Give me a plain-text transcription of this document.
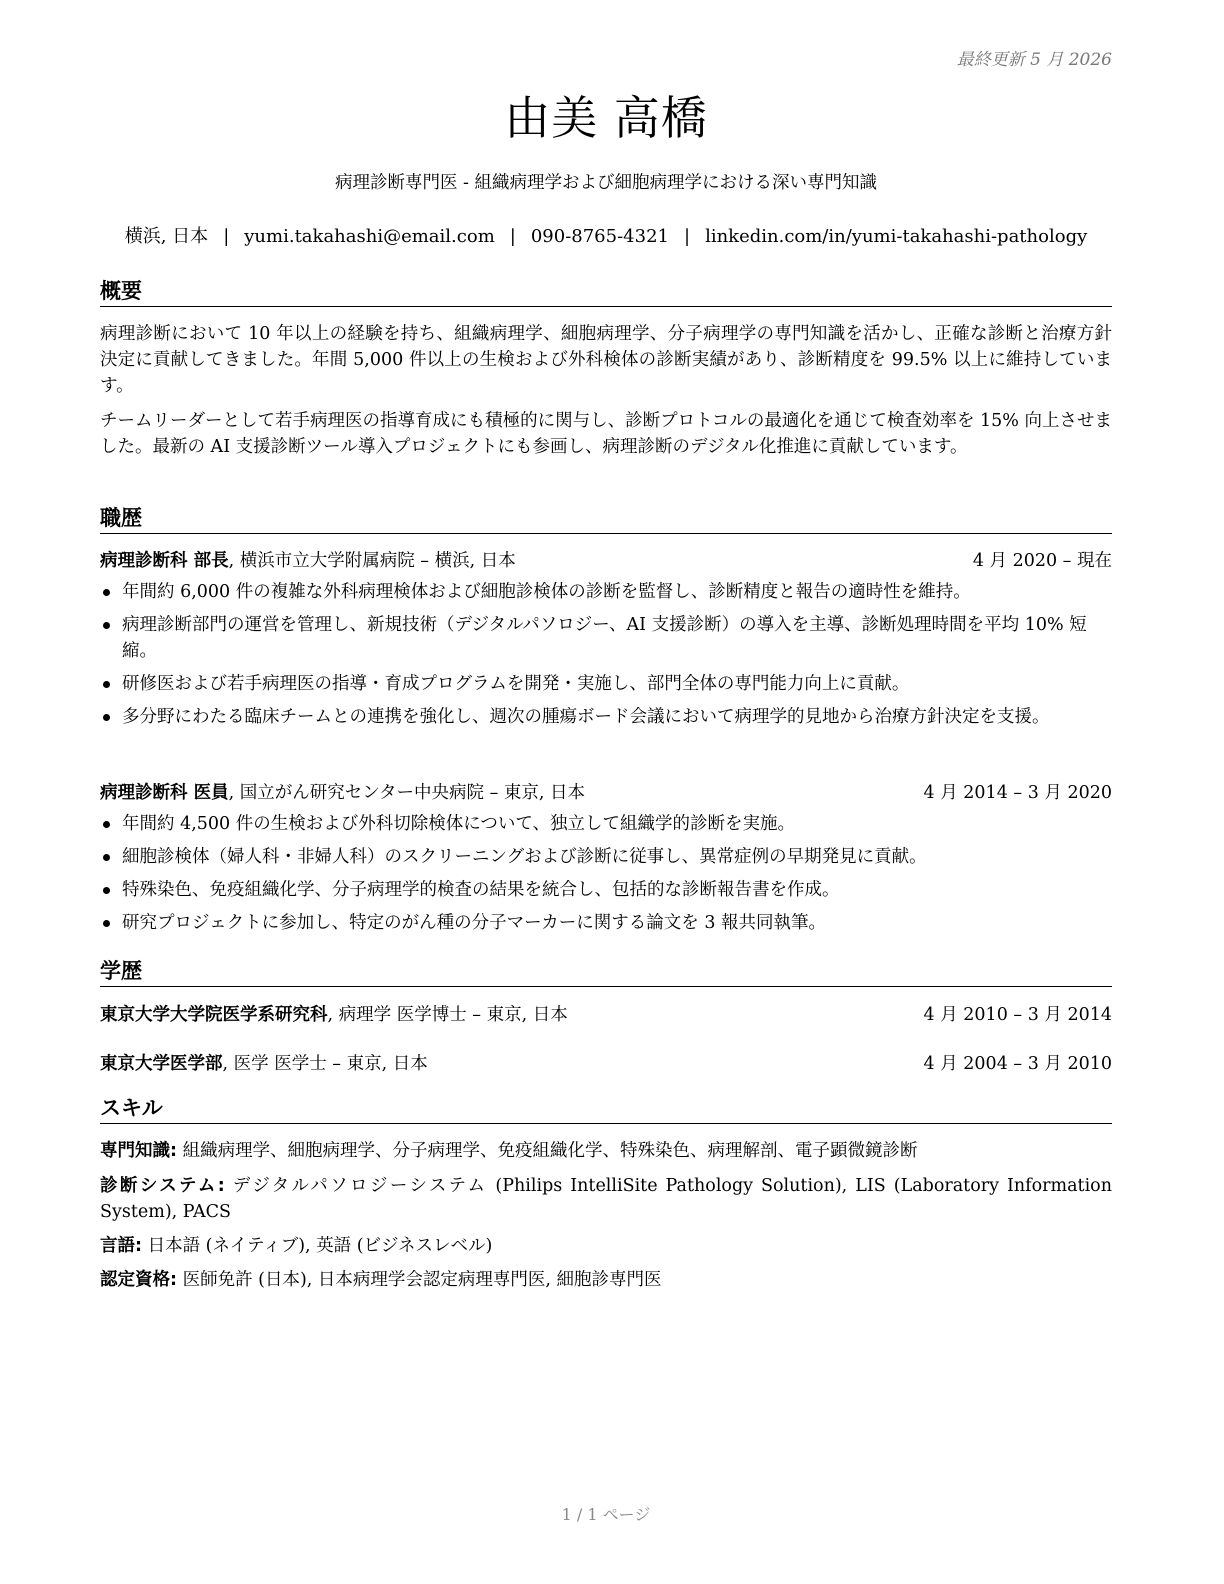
最終更新 5 月 2026
由美 高橋
病理診断専門医 - 組織病理学および細胞病理学における深い専門知識
横浜, 日本 | yumi.takahashi@email.com | 090-8765-4321 | linkedin.com/in/yumi-takahashi-pathology
概要

病理診断において 10 年以上の経験を持ち、組織病理学、細胞病理学、分子病理学の専門知識を活かし、正確な診断と治療方針決定に貢献してきました。年間 5,000 件以上の生検および外科検体の診断実績があり、診断精度を 99.5% 以上に維持しています。

チームリーダーとして若手病理医の指導育成にも積極的に関与し、診断プロトコルの最適化を通じて検査効率を 15% 向上させました。最新の AI 支援診断ツール導入プロジェクトにも参画し、病理診断のデジタル化推進に貢献しています。

職歴
病理診断科 部長, 横浜市立大学附属病院 – 横浜, 日本	4 月 2020 – 現在
年間約 6,000 件の複雑な外科病理検体および細胞診検体の診断を監督し、診断精度と報告の適時性を維持。
病理診断部門の運営を管理し、新規技術（デジタルパソロジー、AI 支援診断）の導入を主導、診断処理時間を平均 10% 短縮。
研修医および若手病理医の指導・育成プログラムを開発・実施し、部門全体の専門能力向上に貢献。
多分野にわたる臨床チームとの連携を強化し、週次の腫瘍ボード会議において病理学的見地から治療方針決定を支援。
病理診断科 医員, 国立がん研究センター中央病院 – 東京, 日本	4 月 2014 – 3 月 2020
年間約 4,500 件の生検および外科切除検体について、独立して組織学的診断を実施。
細胞診検体（婦人科・非婦人科）のスクリーニングおよび診断に従事し、異常症例の早期発見に貢献。
特殊染色、免疫組織化学、分子病理学的検査の結果を統合し、包括的な診断報告書を作成。
研究プロジェクトに参加し、特定のがん種の分子マーカーに関する論文を 3 報共同執筆。
学歴
東京大学大学院医学系研究科, 病理学 医学博士 – 東京, 日本	4 月 2010 – 3 月 2014
東京大学医学部, 医学 医学士 – 東京, 日本	4 月 2004 – 3 月 2010
スキル

専門知識: 組織病理学、細胞病理学、分子病理学、免疫組織化学、特殊染色、病理解剖、電子顕微鏡診断

診断システム: デジタルパソロジーシステム (Philips IntelliSite Pathology Solution), LIS (Laboratory Information System), PACS

言語: 日本語 (ネイティブ), 英語 (ビジネスレベル)

認定資格: 医師免許 (日本), 日本病理学会認定病理専門医, 細胞診専門医

1 / 1 ページ
